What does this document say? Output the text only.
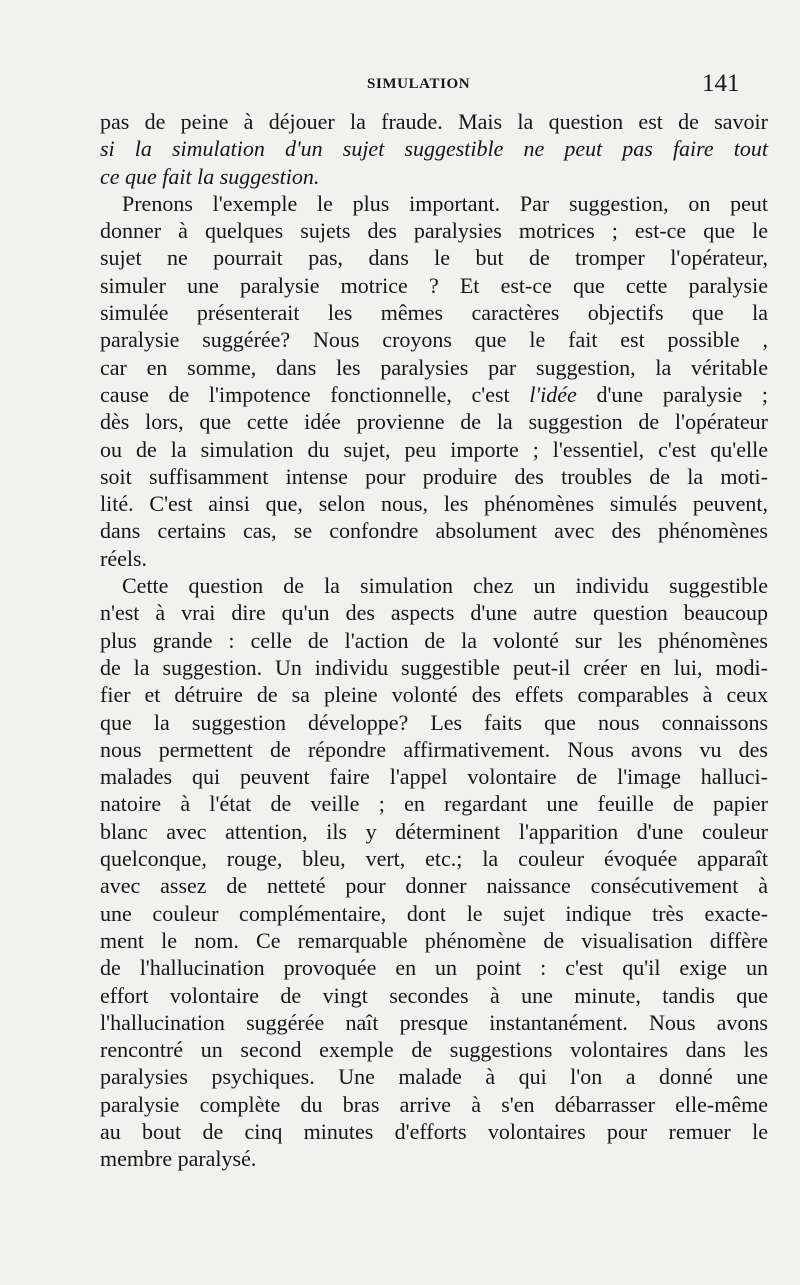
SIMULATION	141
pas de peine à déjouer la fraude. Mais la question est de savoir
si la simulation d'un sujet suggestible ne peut pas faire tout
ce que fait la suggestion.
Prenons l'exemple le plus important. Par suggestion, on peut
donner à quelques sujets des paralysies motrices ; est-ce que le
sujet ne pourrait pas, dans le but de tromper l'opérateur,
simuler une paralysie motrice ? Et est-ce que cette paralysie
simulée présenterait les mêmes caractères objectifs que la
paralysie suggérée? Nous croyons que le fait est possible ,
car en somme, dans les paralysies par suggestion, la véritable
cause de l'impotence fonctionnelle, c'est l'idée d'une paralysie ;
dès lors, que cette idée provienne de la suggestion de l'opérateur
ou de la simulation du sujet, peu importe ; l'essentiel, c'est qu'elle
soit suffisamment intense pour produire des troubles de la moti-
lité. C'est ainsi que, selon nous, les phénomènes simulés peuvent,
dans certains cas, se confondre absolument avec des phénomènes
réels.
Cette question de la simulation chez un individu suggestible
n'est à vrai dire qu'un des aspects d'une autre question beaucoup
plus grande : celle de l'action de la volonté sur les phénomènes
de la suggestion. Un individu suggestible peut-il créer en lui, modi-
fier et détruire de sa pleine volonté des effets comparables à ceux
que la suggestion développe? Les faits que nous connaissons
nous permettent de répondre affirmativement. Nous avons vu des
malades qui peuvent faire l'appel volontaire de l'image halluci-
natoire à l'état de veille ; en regardant une feuille de papier
blanc avec attention, ils y déterminent l'apparition d'une couleur
quelconque, rouge, bleu, vert, etc.; la couleur évoquée apparaît
avec assez de netteté pour donner naissance consécutivement à
une couleur complémentaire, dont le sujet indique très exacte-
ment le nom. Ce remarquable phénomène de visualisation diffère
de l'hallucination provoquée en un point : c'est qu'il exige un
effort volontaire de vingt secondes à une minute, tandis que
l'hallucination suggérée naît presque instantanément. Nous avons
rencontré un second exemple de suggestions volontaires dans les
paralysies psychiques. Une malade à qui l'on a donné une
paralysie complète du bras arrive à s'en débarrasser elle-même
au bout de cinq minutes d'efforts volontaires pour remuer le
membre paralysé.
